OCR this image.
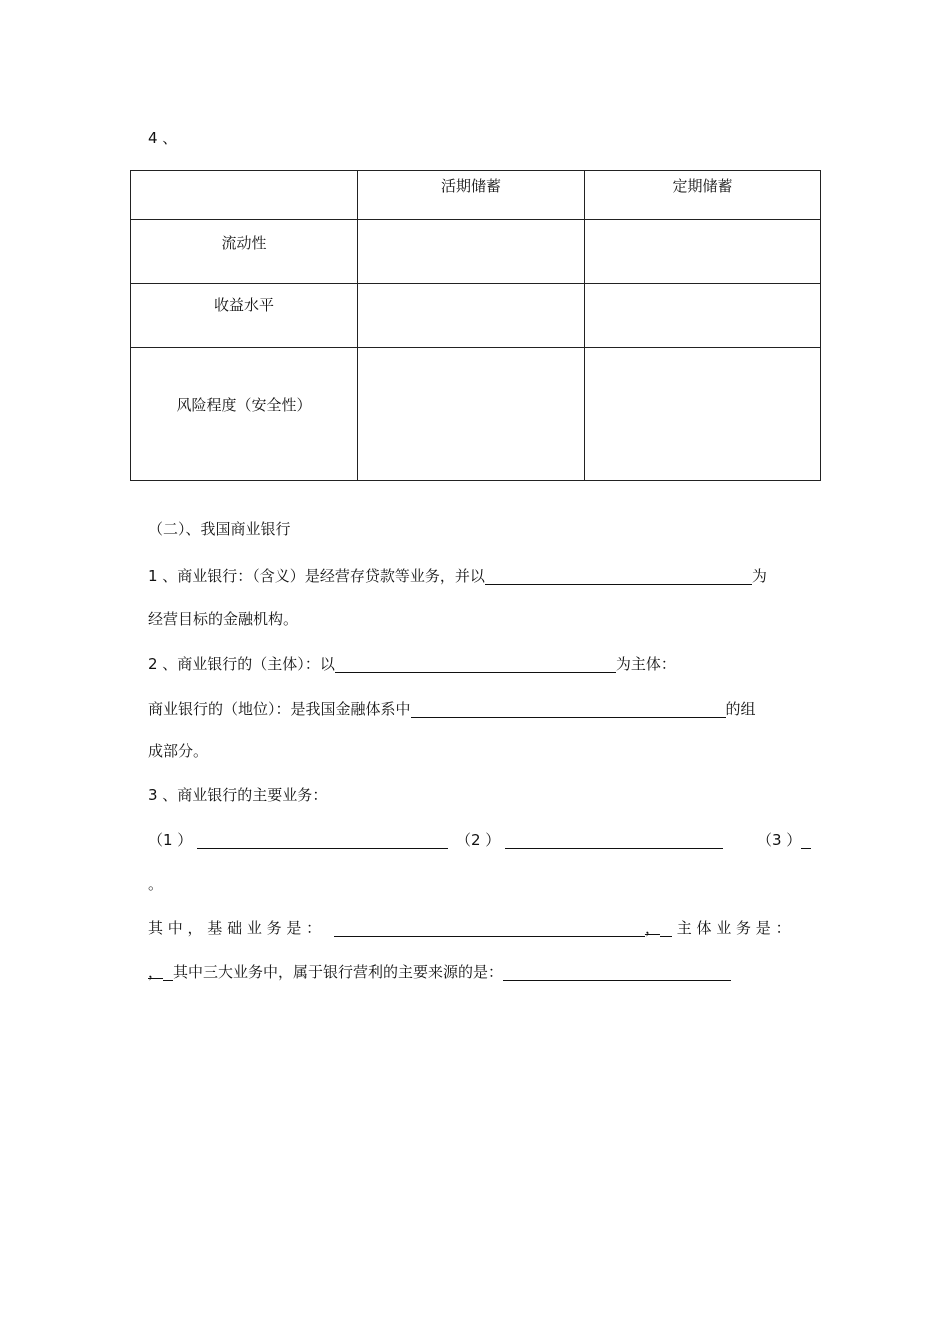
4 、

	活期储蓄	定期储蓄

流动性		

收益水平		

风险程度（安全性）		

（二）、我国商业银行
1 、商业银行：（含义）是经营存贷款等业务，并以	为
经营目标的金融机构。
2 、商业银行的（主体）：以	为主体：
商业银行的（地位）：是我国金融体系中	的组
成部分。
3 、商业银行的主要业务：
（1 ）	（2 ）	（3 ）
。
其 中 ， 基 础 业 务 是 ：	， 主 体 业 务 是 ：
， 其中三大业务中，属于银行营利的主要来源的是：
